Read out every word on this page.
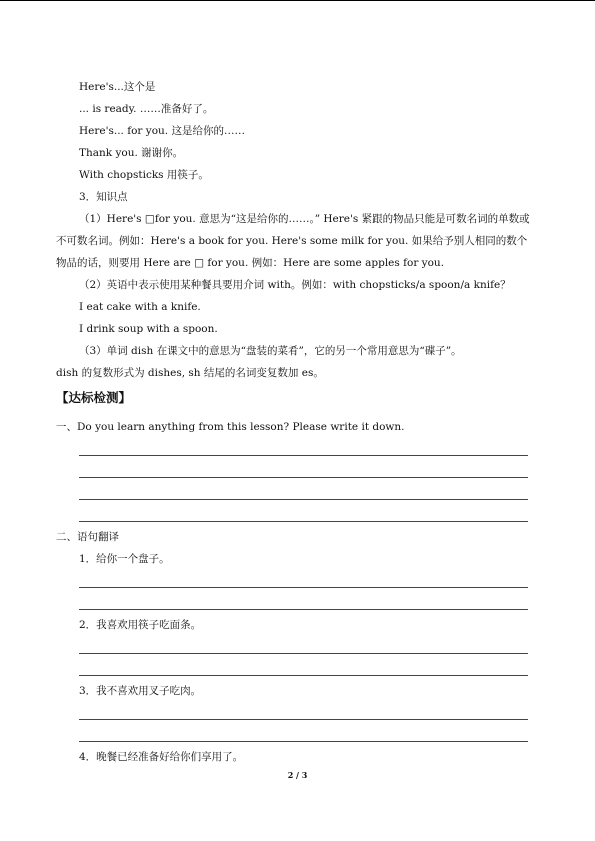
Here's...这个是
... is ready. ……准备好了。
Here's... for you. 这是给你的……
Thank you. 谢谢你。
With chopsticks 用筷子。
3．知识点
（1）Here's □for you. 意思为“这是给你的……。” Here's 紧跟的物品只能是可数名词的单数或不可数名词。例如：Here's a book for you. Here's some milk for you. 如果给予别人相同的数个物品的话，则要用 Here are □ for you. 例如：Here are some apples for you.
（2）英语中表示使用某种餐具要用介词 with。例如：with chopsticks/a spoon/a knife？
I eat cake with a knife.
I drink soup with a spoon.
（3）单词 dish 在课文中的意思为“盘装的菜肴”，它的另一个常用意思为“碟子”。
dish 的复数形式为 dishes, sh 结尾的名词变复数加 es。
【达标检测】
一、Do you learn anything from this lesson? Please write it down.
二、语句翻译
1．给你一个盘子。
2．我喜欢用筷子吃面条。
3．我不喜欢用叉子吃肉。
4．晚餐已经准备好给你们享用了。
2 / 3
